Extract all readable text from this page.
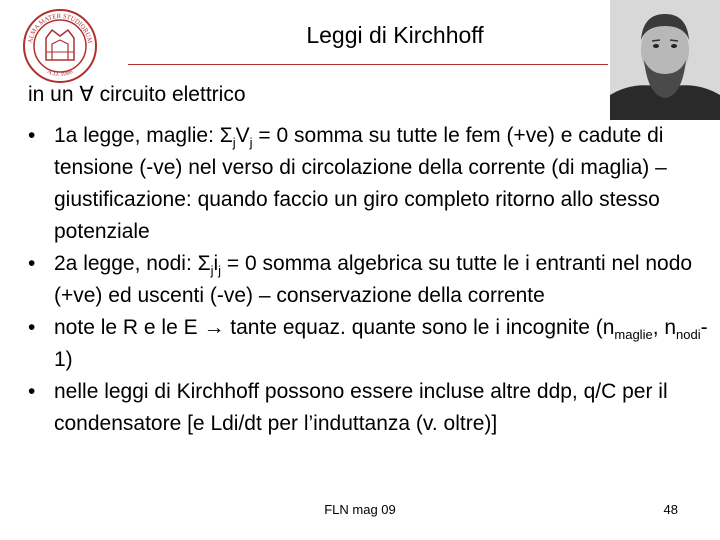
ALMA MATER STUDIORUM
A.D. 1088
Leggi di Kirchhoff
in un ∀ circuito elettrico
• 1a legge, maglie: $\Sigma_jV_j = 0$ somma su tutte le fem (+ve) e cadute di tensione (-ve) nel verso di circolazione della corrente (di maglia) – giustificazione: quando faccio un giro completo ritorno allo stesso potenziale
• 2a legge, nodi: $\Sigma_ji_j = 0$ somma algebrica su tutte le i entranti nel nodo (+ve) ed uscenti (-ve) – conservazione della corrente
• note le R e le E → tante equaz. quante sono le i incognite ($n_{maglie}$, $n_{nodi}-1$)
• nelle leggi di Kirchhoff possono essere incluse altre ddp, q/C per il condensatore [e Ldi/dt per l’induttanza (v. oltre)]
FLN mag 09	48
